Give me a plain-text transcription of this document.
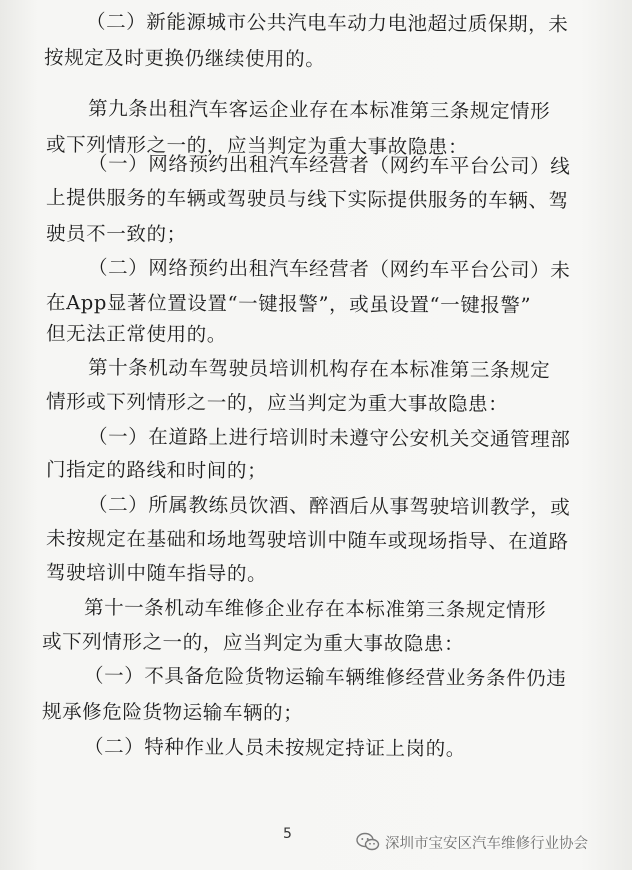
（二）新能源城市公共汽电车动力电池超过质保期，未
按规定及时更换仍继续使用的。
第九条出租汽车客运企业存在本标准第三条规定情形
或下列情形之一的，应当判定为重大事故隐患：
（一）网络预约出租汽车经营者（网约车平台公司）线
上提供服务的车辆或驾驶员与线下实际提供服务的车辆、驾
驶员不一致的；
（二）网络预约出租汽车经营者（网约车平台公司）未
在App显著位置设置“一键报警”，或虽设置“一键报警”
但无法正常使用的。
第十条机动车驾驶员培训机构存在本标准第三条规定
情形或下列情形之一的，应当判定为重大事故隐患：
（一）在道路上进行培训时未遵守公安机关交通管理部
门指定的路线和时间的；
（二）所属教练员饮酒、醉酒后从事驾驶培训教学，或
未按规定在基础和场地驾驶培训中随车或现场指导、在道路
驾驶培训中随车指导的。
第十一条机动车维修企业存在本标准第三条规定情形
或下列情形之一的，应当判定为重大事故隐患：
（一）不具备危险货物运输车辆维修经营业务条件仍违
规承修危险货物运输车辆的；
（二）特种作业人员未按规定持证上岗的。
5
深圳市宝安区汽车维修行业协会
